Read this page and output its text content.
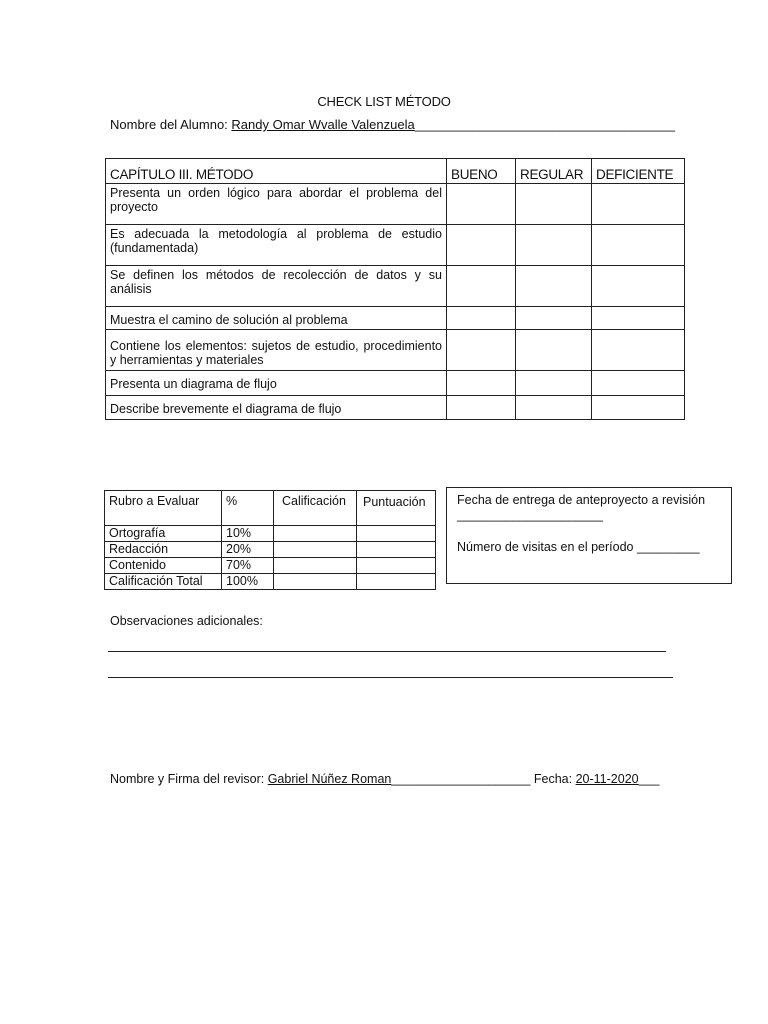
CHECK LIST MÉTODO
Nombre del Alumno: Randy Omar Wvalle Valenzuela____________________________________
CAPÍTULO III. MÉTODO	BUENO	REGULAR	DEFICIENTE
Presenta un orden lógico para abordar el problema del proyecto			
Es adecuada la metodología al problema de estudio (fundamentada)			
Se definen los métodos de recolección de datos y su análisis			
Muestra el camino de solución al problema			
Contiene los elementos: sujetos de estudio, procedimiento y herramientas y materiales			
Presenta un diagrama de flujo			
Describe brevemente el diagrama de flujo			
Rubro a Evaluar	%	Calificación	Puntuación
Ortografía	10%		
Redacción	20%		
Contenido	70%		
Calificación Total	100%		

Fecha de entrega de anteproyecto a revisión

_____________________

Número de visitas en el período _________

Observaciones adicionales:
Nombre y Firma del revisor: Gabriel Núñez Roman____________________ Fecha: 20-11-2020___
